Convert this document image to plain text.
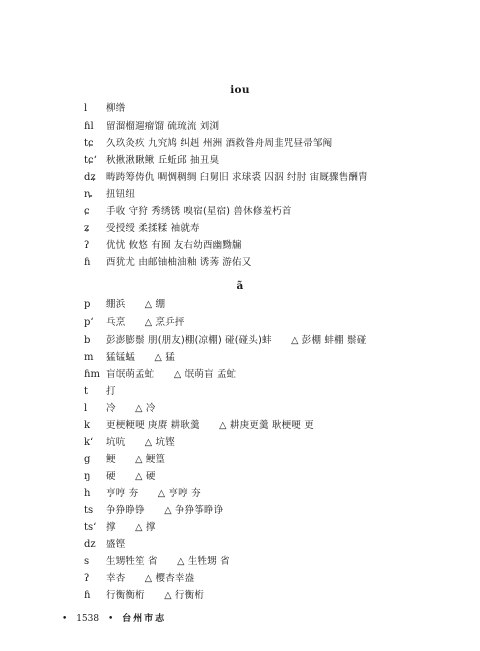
iou
l	柳绺
ɦl	留溜榴遛瘤馏 硫琉流 刘浏
tɕ	久玖灸疚 九究鸠 纠赳 州洲 酒救昝舟周韭咒昼帚邹阄
tɕʻ 秋揪湫瞅鳅 丘蚯邱 抽丑臭
dʑ	畴踌筹俦仇 啁惆稠绸 臼舅旧 求球裘 囚泅 纣肘 宙厩骤售酬胄
ȵ	扭钮纽
ɕ	手收 守狩 秀绣锈 嗅宿(星宿) 兽休修羞朽首
ʑ	受授绶 柔揉糅 袖就寿
ʔ	优忧 攸悠 有囿 友右幼酉幽黝牖
ɦ	酉犹尤 由邮铀柚油釉 诱莠 游佑又
ã
p	绷浜　　△ 绷
pʻ	乓烹　　△ 烹乒抨
b	彭澎膨鬃 朋(朋友)棚(凉棚) 碰(碰头)蚌　　△ 彭棚 蚌棚 鬃碰
m	猛锰蜢　　△ 猛
ɦm 盲氓萌孟虻　　△ 氓萌盲 孟虻
t	打
l	冷　　△ 冷
k	更梗粳哽 庚赓 耕耿羹　　△ 耕庚更羹 耿梗哽 更
kʻ	坑吭　　△ 坑铿
g	鲠　　△ 鲠篁
ŋ	硬　　△ 硬
h	亨哼 夯　　△ 亨哼 夯
ts	争狰睁铮　　△ 争狰筝睁诤
tsʻ	撑　　△ 撑
dz	盛铿
s	生甥牲笙 省　　△ 生牲甥 省
ʔ	幸杏　　△ 樱杏幸盎
ɦ	行衡衡桁　　△ 行衡桁
• 1538 • 台州市志
